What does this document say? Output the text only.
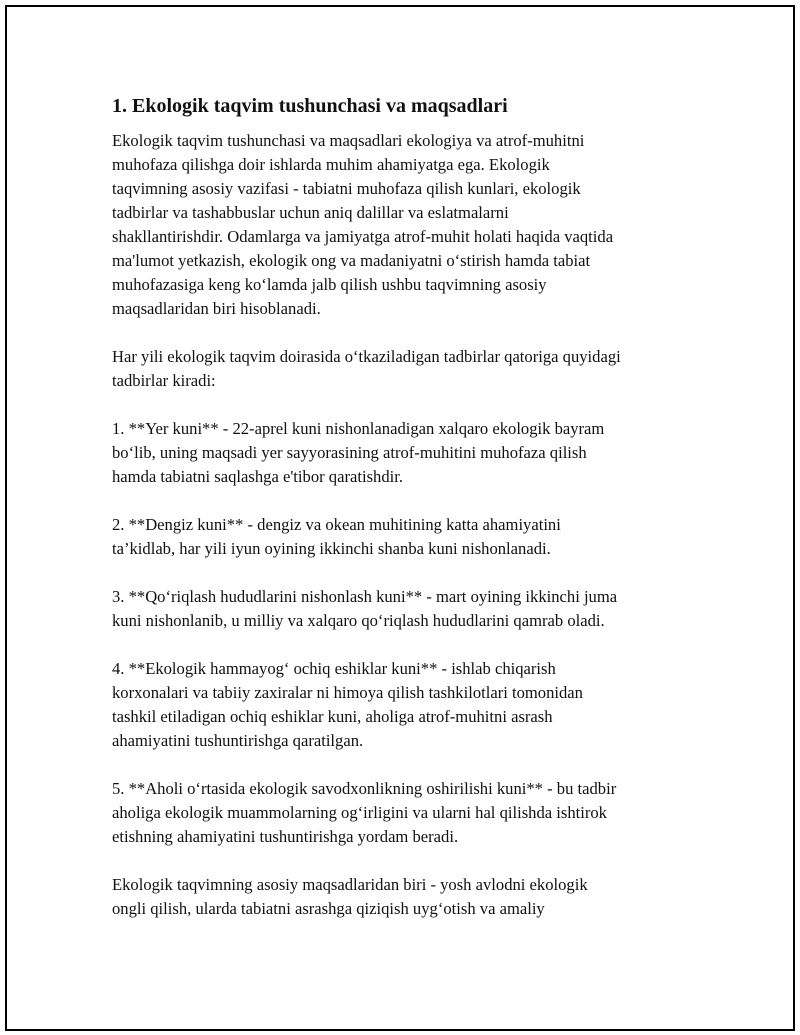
1. Ekologik taqvim tushunchasi va maqsadlari

Ekologik taqvim tushunchasi va maqsadlari ekologiya va atrof-muhitni
muhofaza qilishga doir ishlarda muhim ahamiyatga ega. Ekologik
taqvimning asosiy vazifasi - tabiatni muhofaza qilish kunlari, ekologik
tadbirlar va tashabbuslar uchun aniq dalillar va eslatmalarni
shakllantirishdir. Odamlarga va jamiyatga atrof-muhit holati haqida vaqtida
ma'lumot yetkazish, ekologik ong va madaniyatni o‘stirish hamda tabiat
muhofazasiga keng ko‘lamda jalb qilish ushbu taqvimning asosiy
maqsadlaridan biri hisoblanadi.

Har yili ekologik taqvim doirasida o‘tkaziladigan tadbirlar qatoriga quyidagi
tadbirlar kiradi:

1. **Yer kuni** - 22-aprel kuni nishonlanadigan xalqaro ekologik bayram
bo‘lib, uning maqsadi yer sayyorasining atrof-muhitini muhofaza qilish
hamda tabiatni saqlashga e'tibor qaratishdir.

2. **Dengiz kuni** - dengiz va okean muhitining katta ahamiyatini
ta’kidlab, har yili iyun oyining ikkinchi shanba kuni nishonlanadi.

3. **Qo‘riqlash hududlarini nishonlash kuni** - mart oyining ikkinchi juma
kuni nishonlanib, u milliy va xalqaro qo‘riqlash hududlarini qamrab oladi.

4. **Ekologik hammayog‘ ochiq eshiklar kuni** - ishlab chiqarish
korxonalari va tabiiy zaxiralar ni himoya qilish tashkilotlari tomonidan
tashkil etiladigan ochiq eshiklar kuni, aholiga atrof-muhitni asrash
ahamiyatini tushuntirishga qaratilgan.

5. **Aholi o‘rtasida ekologik savodxonlikning oshirilishi kuni** - bu tadbir
aholiga ekologik muammolarning og‘irligini va ularni hal qilishda ishtirok
etishning ahamiyatini tushuntirishga yordam beradi.

Ekologik taqvimning asosiy maqsadlaridan biri - yosh avlodni ekologik
ongli qilish, ularda tabiatni asrashga qiziqish uyg‘otish va amaliy
